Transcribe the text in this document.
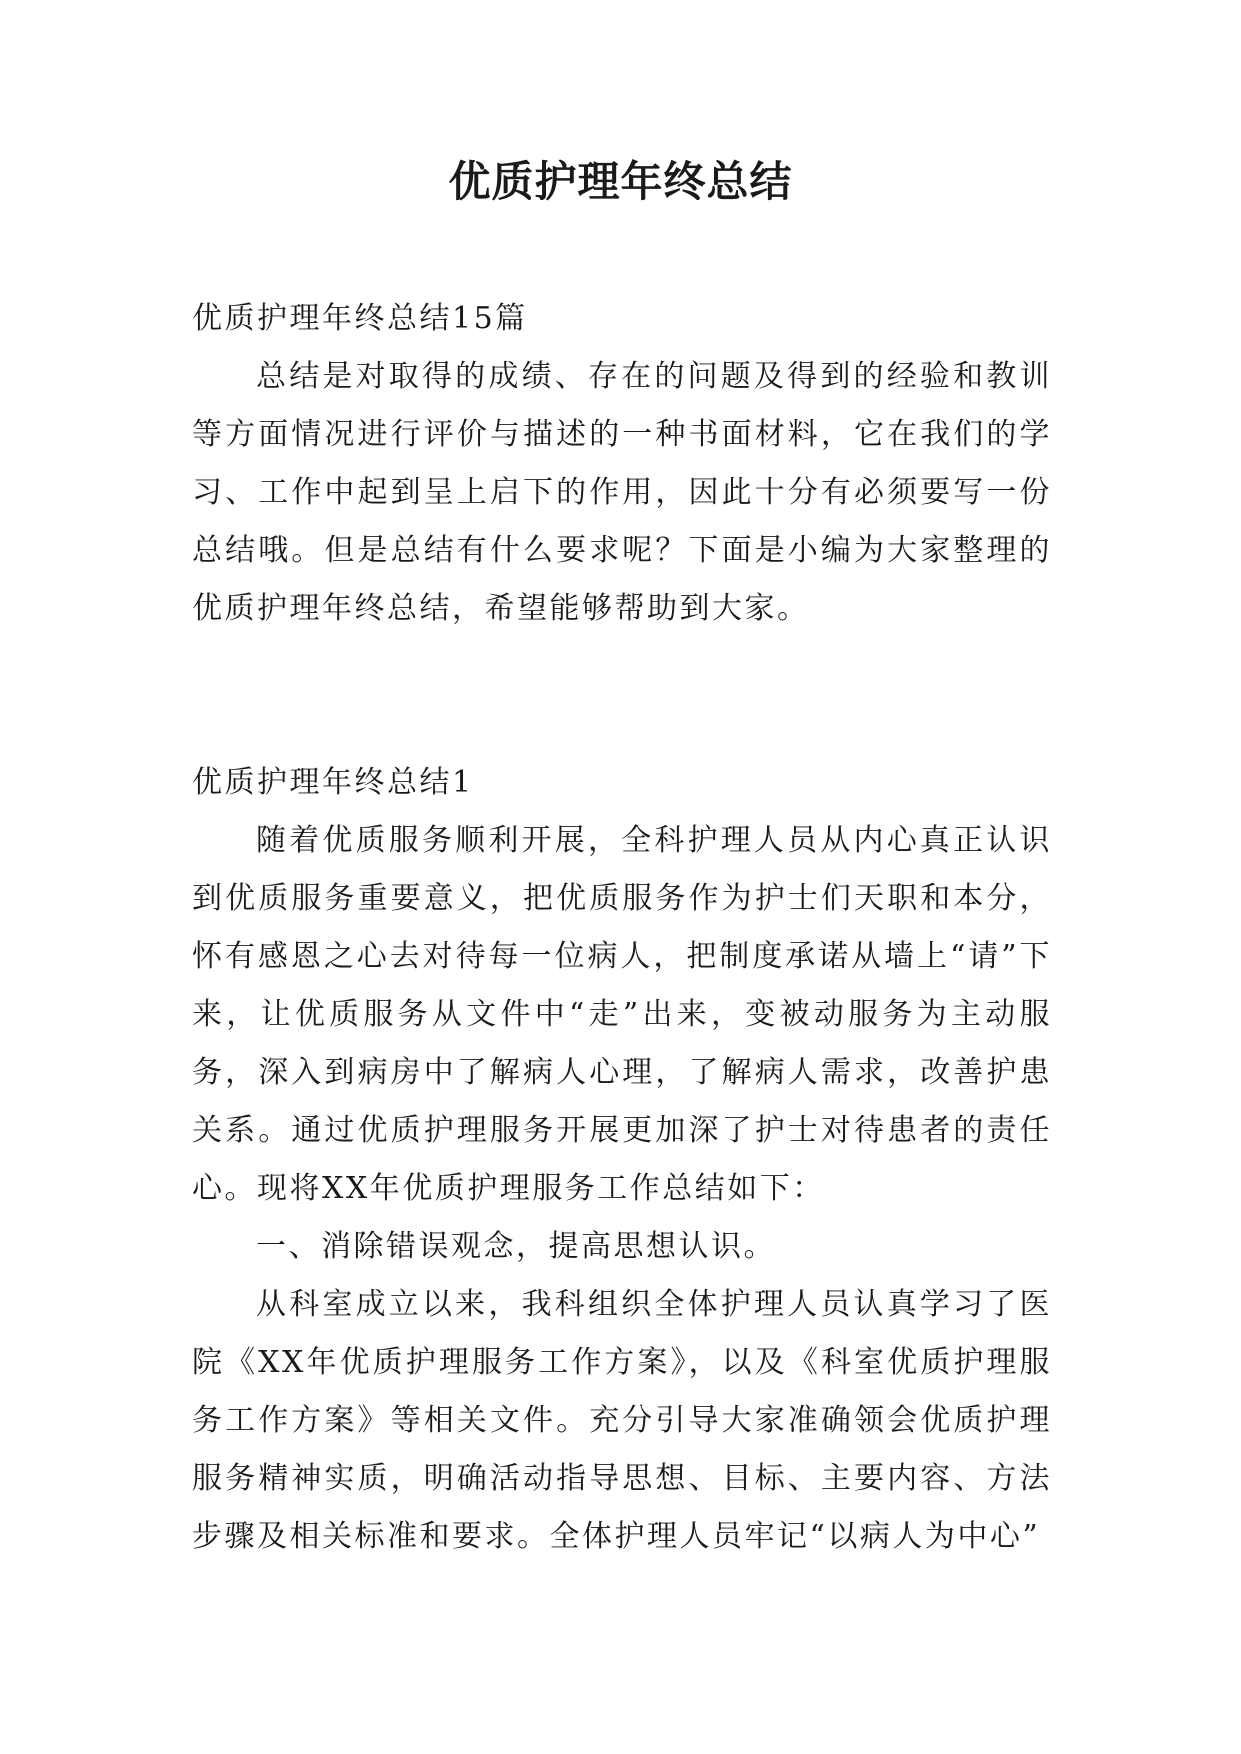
优质护理年终总结

优质护理年终总结15篇

总结是对取得的成绩、存在的问题及得到的经验和教训等方面情况进行评价与描述的一种书面材料，它在我们的学习、工作中起到呈上启下的作用，因此十分有必须要写一份总结哦。但是总结有什么要求呢？下面是小编为大家整理的优质护理年终总结，希望能够帮助到大家。

优质护理年终总结1

随着优质服务顺利开展，全科护理人员从内心真正认识到优质服务重要意义，把优质服务作为护士们天职和本分，怀有感恩之心去对待每一位病人，把制度承诺从墙上“请”下来，让优质服务从文件中“走”出来，变被动服务为主动服务，深入到病房中了解病人心理，了解病人需求，改善护患关系。通过优质护理服务开展更加深了护士对待患者的责任心。现将XX年优质护理服务工作总结如下：

一、消除错误观念，提高思想认识。

从科室成立以来，我科组织全体护理人员认真学习了医院《XX年优质护理服务工作方案》，以及《科室优质护理服务工作方案》等相关文件。充分引导大家准确领会优质护理服务精神实质，明确活动指导思想、目标、主要内容、方法步骤及相关标准和要求。全体护理人员牢记“以病人为中心”
